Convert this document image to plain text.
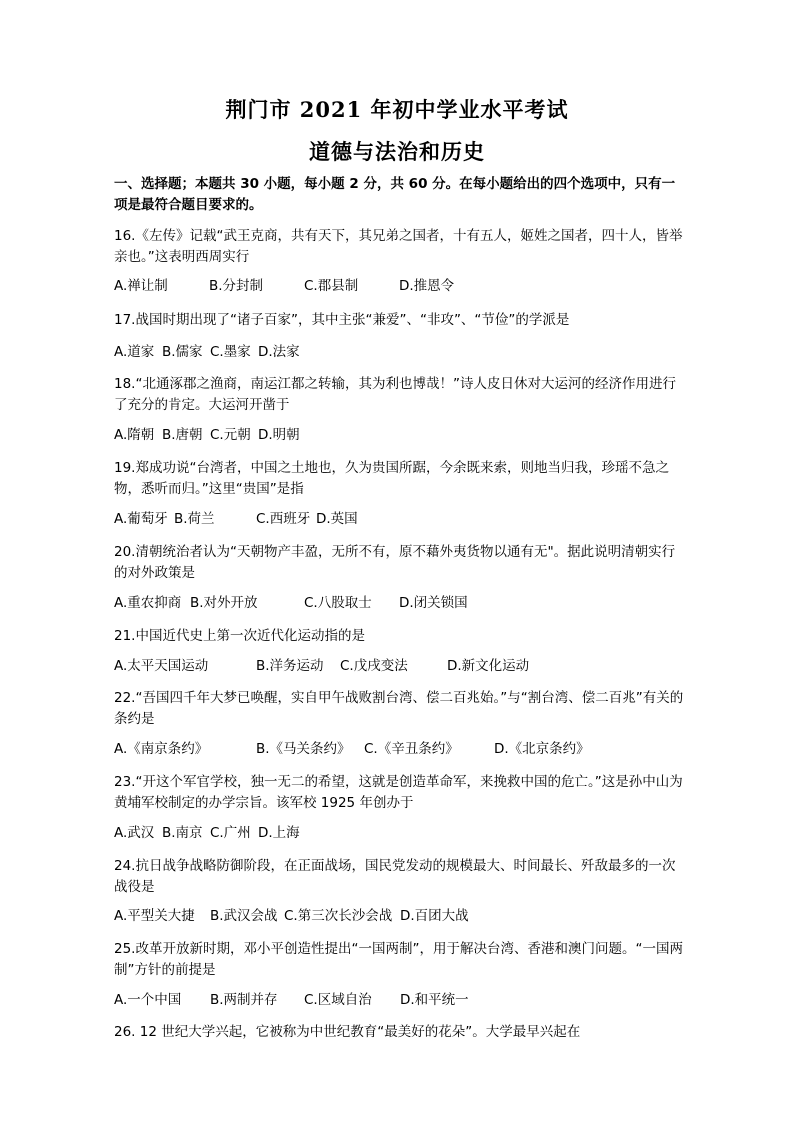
荆门市 2021 年初中学业水平考试
道德与法治和历史
一、选择题；本题共 30 小题，每小题 2 分，共 60 分。在每小题给出的四个选项中，只有一项是最符合题目要求的。
16.《左传》记载“武王克商，共有天下，其兄弟之国者，十有五人，姬姓之国者，四十人，皆举亲也。”这表明西周实行
A.禅让制	B.分封制	C.郡县制	D.推恩令
17.战国时期出现了“诸子百家”，其中主张“兼爱”、“非攻”、“节俭”的学派是
A.道家 B.儒家 C.墨家 D.法家
18.“北通涿郡之渔商，南运江都之转输，其为利也博哉！”诗人皮日休对大运河的经济作用进行了充分的肯定。大运河开凿于
A.隋朝 B.唐朝 C.元朝 D.明朝
19.郑成功说“台湾者，中国之土地也，久为贵国所踞，今余既来索，则地当归我，珍瑶不急之物，悉听而归。”这里“贵国”是指
A.葡萄牙 B.荷兰	C.西班牙 D.英国
20.清朝统治者认为“天朝物产丰盈，无所不有，原不藉外夷货物以通有无"。据此说明清朝实行的对外政策是
A.重农抑商 B.对外开放	C.八股取士 D.闭关锁国
21.中国近代史上第一次近代化运动指的是
A.太平天国运动	B.洋务运动 C.戊戌变法	D.新文化运动
22.“吾国四千年大梦已唤醒，实自甲午战败割台湾、偿二百兆始。”与“割台湾、偿二百兆”有关的条约是
A.《南京条约》	B.《马关条约》 C.《辛丑条约》	D.《北京条约》
23.“开这个军官学校，独一无二的希望，这就是创造革命军，来挽救中国的危亡。”这是孙中山为黄埔军校制定的办学宗旨。该军校 1925 年创办于
A.武汉 B.南京 C.广州 D.上海
24.抗日战争战略防御阶段，在正面战场，国民党发动的规模最大、时间最长、歼敌最多的一次战役是
A.平型关大捷 B.武汉会战 C.第三次长沙会战 D.百团大战
25.改革开放新时期，邓小平创造性提出“一国两制”，用于解决台湾、香港和澳门问题。“一国两制”方针的前提是
A.一个中国 B.两制并存 C.区域自治 D.和平统一
26. 12 世纪大学兴起，它被称为中世纪教育“最美好的花朵”。大学最早兴起在
